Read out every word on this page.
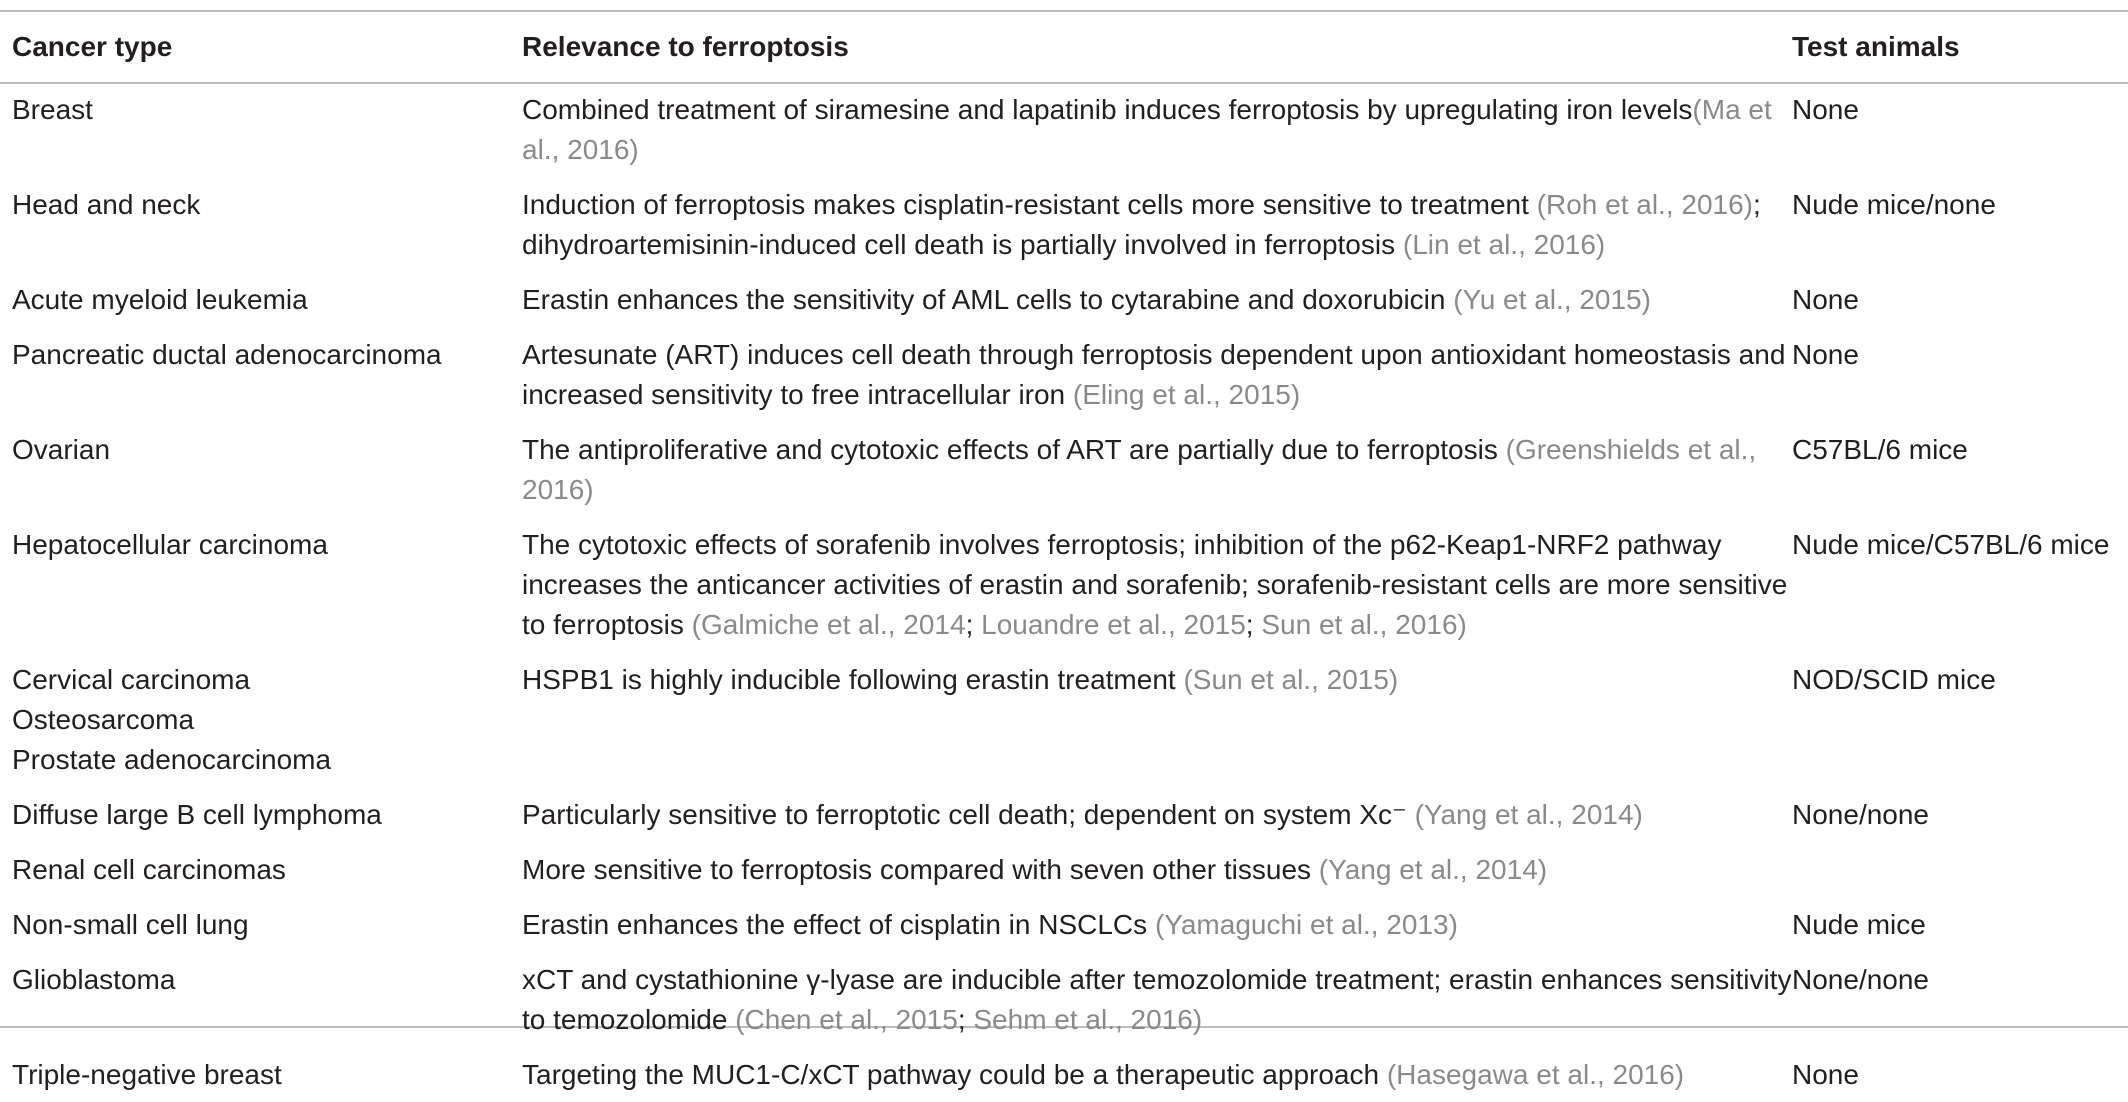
Cancer type	Relevance to ferroptosis	Test animals

Breast	Combined treatment of siramesine and lapatinib induces ferroptosis by upregulating iron levels(Ma et al., 2016)	None

Head and neck	Induction of ferroptosis makes cisplatin-resistant cells more sensitive to treatment (Roh et al., 2016); dihydroartemisinin-induced cell death is partially involved in ferroptosis (Lin et al., 2016)	Nude mice/none

Acute myeloid leukemia	Erastin enhances the sensitivity of AML cells to cytarabine and doxorubicin (Yu et al., 2015)	None

Pancreatic ductal adenocarcinoma	Artesunate (ART) induces cell death through ferroptosis dependent upon antioxidant homeostasis and increased sensitivity to free intracellular iron (Eling et al., 2015)	None

Ovarian	The antiproliferative and cytotoxic effects of ART are partially due to ferroptosis (Greenshields et al., 2016)	C57BL/6 mice

Hepatocellular carcinoma	The cytotoxic effects of sorafenib involves ferroptosis; inhibition of the p62-Keap1-NRF2 pathway increases the anticancer activities of erastin and sorafenib; sorafenib-resistant cells are more sensitive to ferroptosis (Galmiche et al., 2014; Louandre et al., 2015; Sun et al., 2016)	Nude mice/C57BL/6 mice

Cervical carcinoma
Osteosarcoma
Prostate adenocarcinoma	HSPB1 is highly inducible following erastin treatment (Sun et al., 2015)	NOD/SCID mice

Diffuse large B cell lymphoma	Particularly sensitive to ferroptotic cell death; dependent on system Xc⁻ (Yang et al., 2014)	None/none

Renal cell carcinomas	More sensitive to ferroptosis compared with seven other tissues (Yang et al., 2014)	

Non-small cell lung	Erastin enhances the effect of cisplatin in NSCLCs (Yamaguchi et al., 2013)	Nude mice

Glioblastoma	xCT and cystathionine γ-lyase are inducible after temozolomide treatment; erastin enhances sensitivity to temozolomide (Chen et al., 2015; Sehm et al., 2016)	None/none

Triple-negative breast	Targeting the MUC1-C/xCT pathway could be a therapeutic approach (Hasegawa et al., 2016)	None
